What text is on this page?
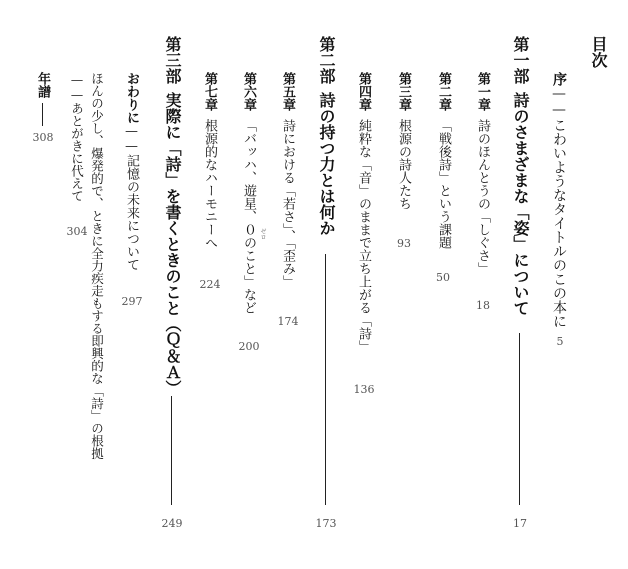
目次
序——こわいようなタイトルのこの本に
5
第一部詩のさまざまな「姿」について
17
第一章詩のほんとうの「しぐさ」
18
第二章「戦後詩」という課題
50
第三章根源の詩人たち
93
第四章純粋な「音」のままで立ち上がる「詩」
136
第二部詩の持つ力とは何か
173
第五章詩における「若さ」、「歪み」
174
第六章「バッハ、遊星、０のこと」など ゼロ
200
第七章根源的なハーモニーへ
224
第三部実際に「詩」を書くときのこと（Ｑ＆Ａ）
249
おわりに——記憶の未来について
297
ほんの少し、爆発的で、ときに全力疾走もする即興的な「詩」の根拠
——あとがきに代えて
304
年譜
308
